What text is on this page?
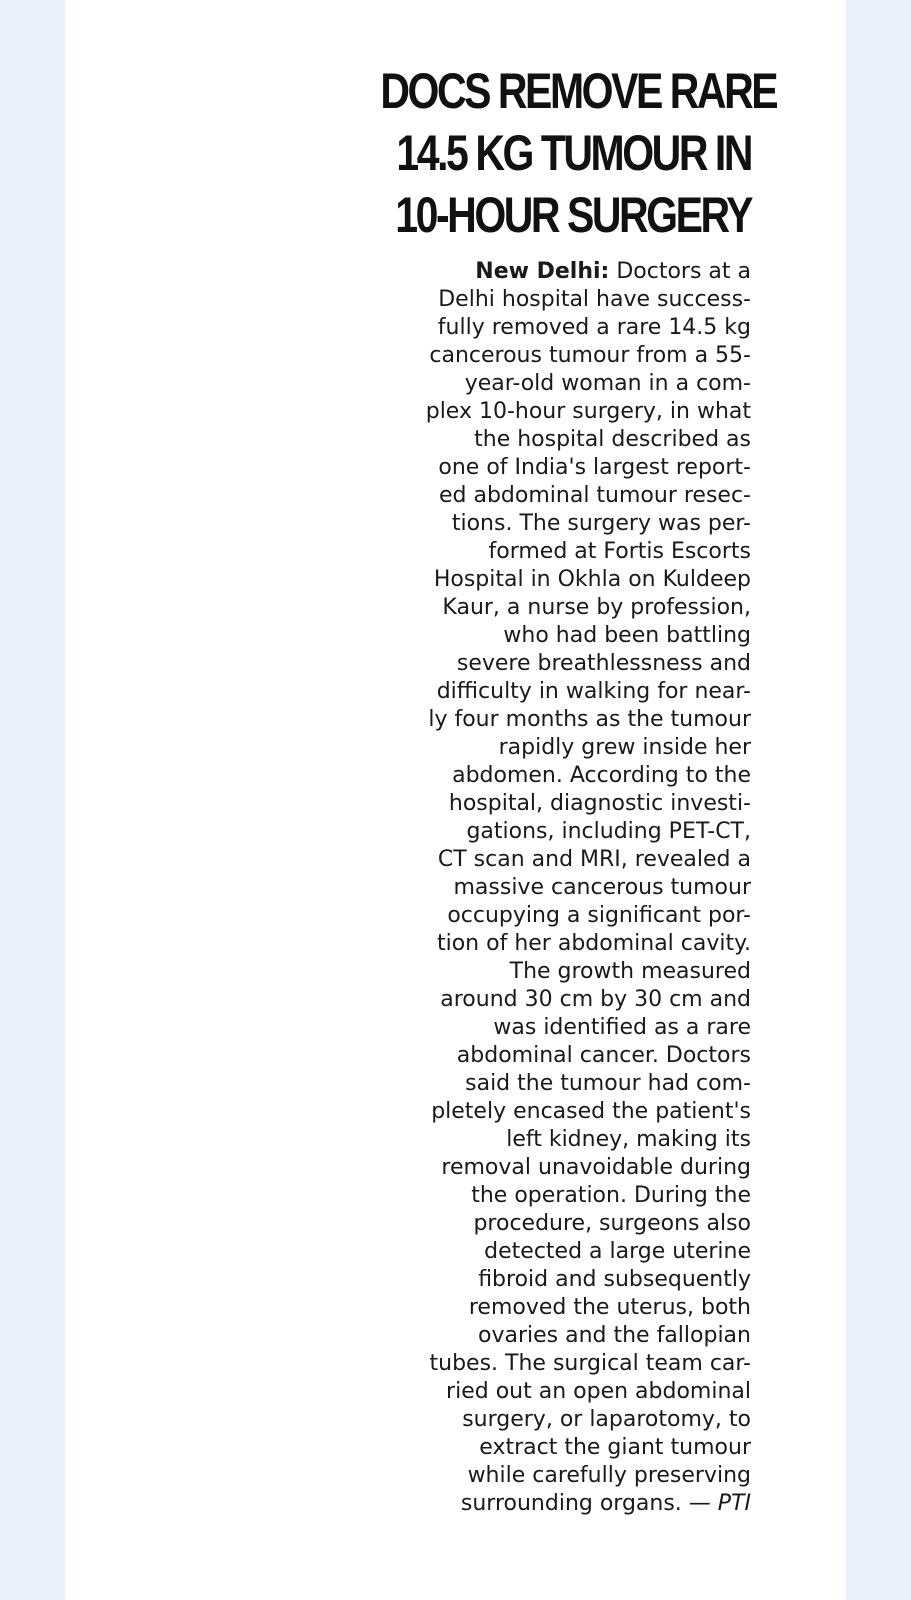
DOCS REMOVE RARE
14.5 KG TUMOUR IN
10-HOUR SURGERY
New Delhi: Doctors at a
Delhi hospital have success-
fully removed a rare 14.5 kg
cancerous tumour from a 55-
year-old woman in a com-
plex 10-hour surgery, in what
the hospital described as
one of India's largest report-
ed abdominal tumour resec-
tions. The surgery was per-
formed at Fortis Escorts
Hospital in Okhla on Kuldeep
Kaur, a nurse by profession,
who had been battling
severe breathlessness and
difficulty in walking for near-
ly four months as the tumour
rapidly grew inside her
abdomen. According to the
hospital, diagnostic investi-
gations, including PET-CT,
CT scan and MRI, revealed a
massive cancerous tumour
occupying a significant por-
tion of her abdominal cavity.
The growth measured
around 30 cm by 30 cm and
was identified as a rare
abdominal cancer. Doctors
said the tumour had com-
pletely encased the patient's
left kidney, making its
removal unavoidable during
the operation. During the
procedure, surgeons also
detected a large uterine
fibroid and subsequently
removed the uterus, both
ovaries and the fallopian
tubes. The surgical team car-
ried out an open abdominal
surgery, or laparotomy, to
extract the giant tumour
while carefully preserving
surrounding organs. — PTI
